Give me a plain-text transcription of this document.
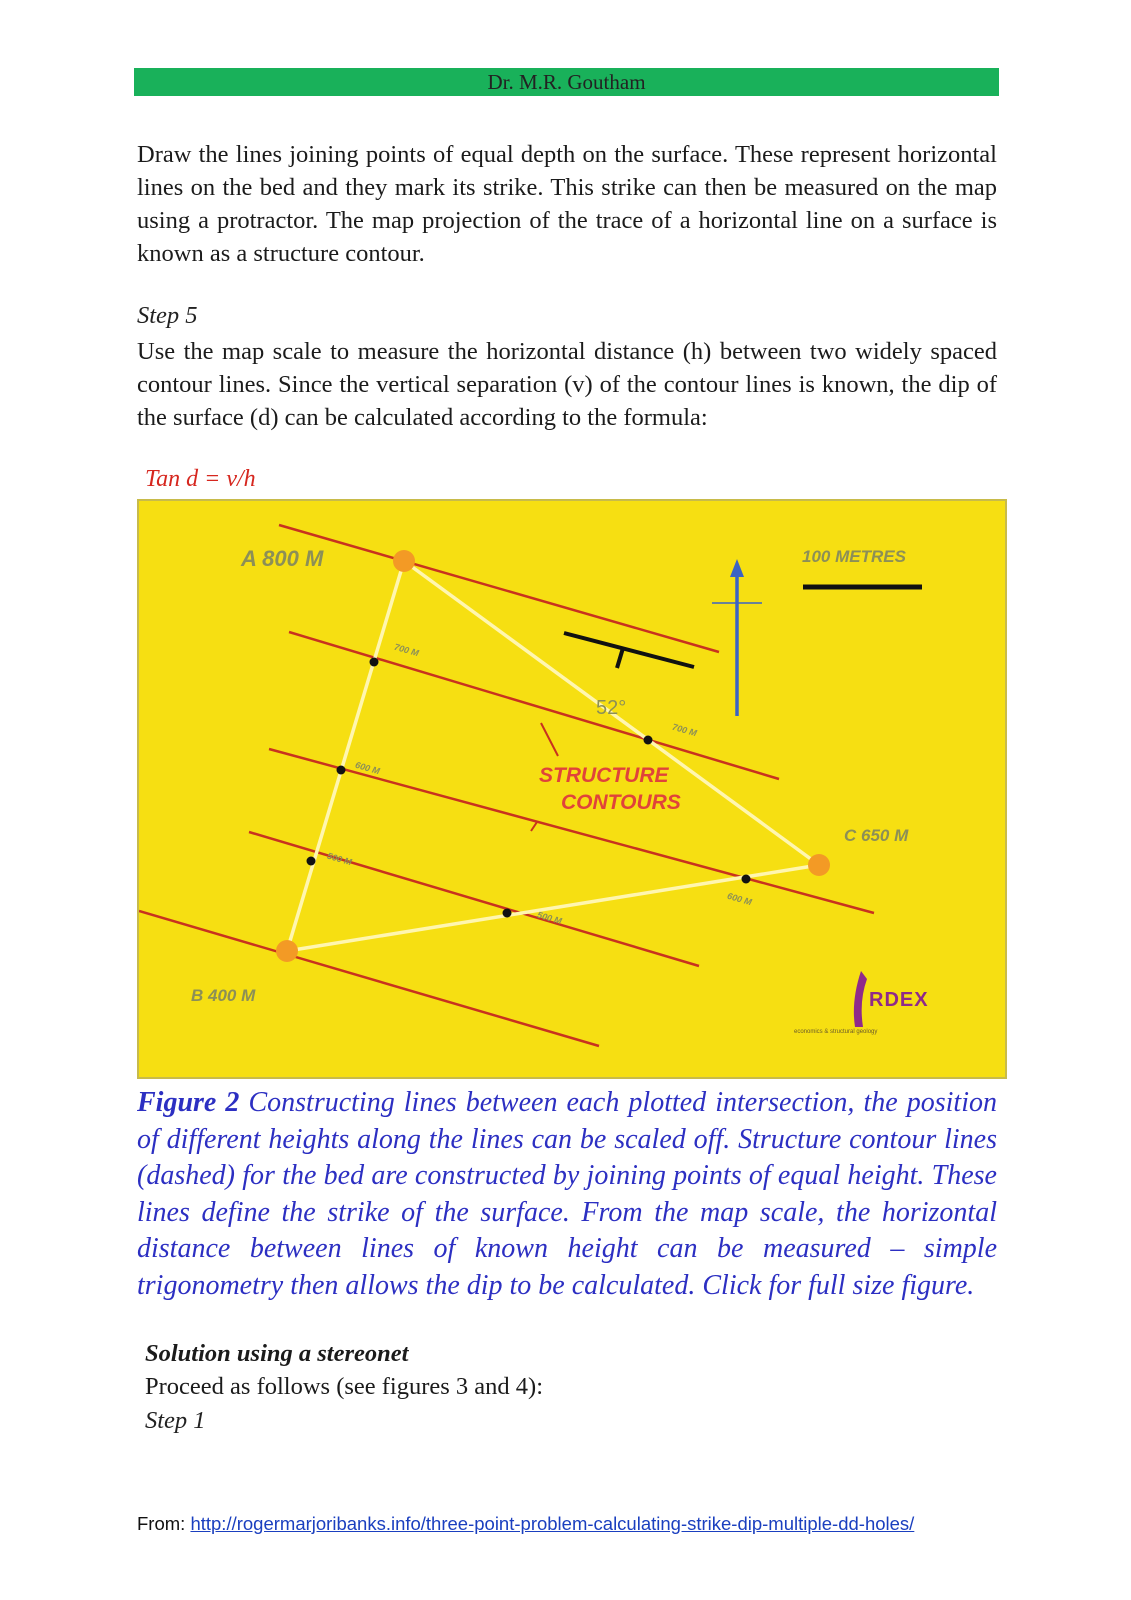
Dr. M.R. Goutham

Draw the lines joining points of equal depth on the surface. These represent horizontal lines on the bed and they mark its strike. This strike can then be measured on the map using a protractor. The map projection of the trace of a horizontal line on a surface is known as a structure contour.

Step 5

Use the map scale to measure the horizontal distance (h) between two widely spaced contour lines. Since the vertical separation (v) of the contour lines is known, the dip of the surface (d) can be calculated according to the formula:

Tan d = v/h

A 800 M
B 400 M
C 650 M
100 METRES
52°
STRUCTURE
CONTOURS
700 M
700 M
600 M
600 M
500 M
500 M
RDEX
economics & structural geology

Figure 2 Constructing lines between each plotted intersection, the position of different heights along the lines can be scaled off. Structure contour lines (dashed) for the bed are constructed by joining points of equal height. These lines define the strike of the surface. From the map scale, the horizontal distance between lines of known height can be measured – simple trigonometry then allows the dip to be calculated. Click for full size figure.

Solution using a stereonet

Proceed as follows (see figures 3 and 4):

Step 1

From: http://rogermarjoribanks.info/three-point-problem-calculating-strike-dip-multiple-dd-holes/
